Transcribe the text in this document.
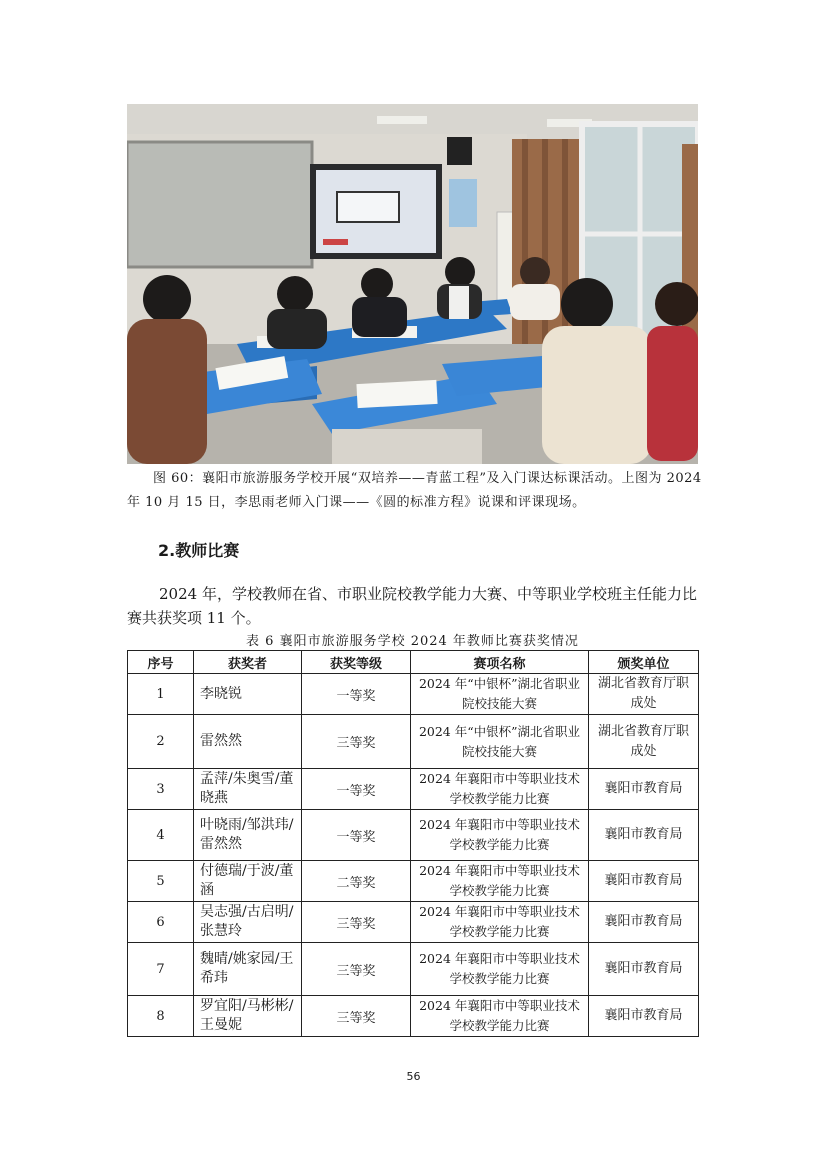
图 60：襄阳市旅游服务学校开展“双培养——青蓝工程”及入门课达标课活动。上图为 2024 年 10 月 15 日，李思雨老师入门课——《圆的标准方程》说课和评课现场。
2.教师比赛
2024 年，学校教师在省、市职业院校教学能力大赛、中等职业学校班主任能力比赛共获奖项 11 个。
表 6 襄阳市旅游服务学校 2024 年教师比赛获奖情况
序号	获奖者	获奖等级	赛项名称	颁奖单位
1	李晓锐	一等奖	2024 年“中银杯”湖北省职业院校技能大赛	湖北省教育厅职成处
2	雷然然	三等奖	2024 年“中银杯”湖北省职业院校技能大赛	湖北省教育厅职成处
3	孟萍/朱奥雪/董晓燕	一等奖	2024 年襄阳市中等职业技术学校教学能力比赛	襄阳市教育局
4	叶晓雨/邹洪玮/雷然然	一等奖	2024 年襄阳市中等职业技术学校教学能力比赛	襄阳市教育局
5	付德瑞/于波/董涵	二等奖	2024 年襄阳市中等职业技术学校教学能力比赛	襄阳市教育局
6	吴志强/古启明/张慧玲	三等奖	2024 年襄阳市中等职业技术学校教学能力比赛	襄阳市教育局
7	魏晴/姚家园/王希玮	三等奖	2024 年襄阳市中等职业技术学校教学能力比赛	襄阳市教育局
8	罗宜阳/马彬彬/王曼妮	三等奖	2024 年襄阳市中等职业技术学校教学能力比赛	襄阳市教育局
56
